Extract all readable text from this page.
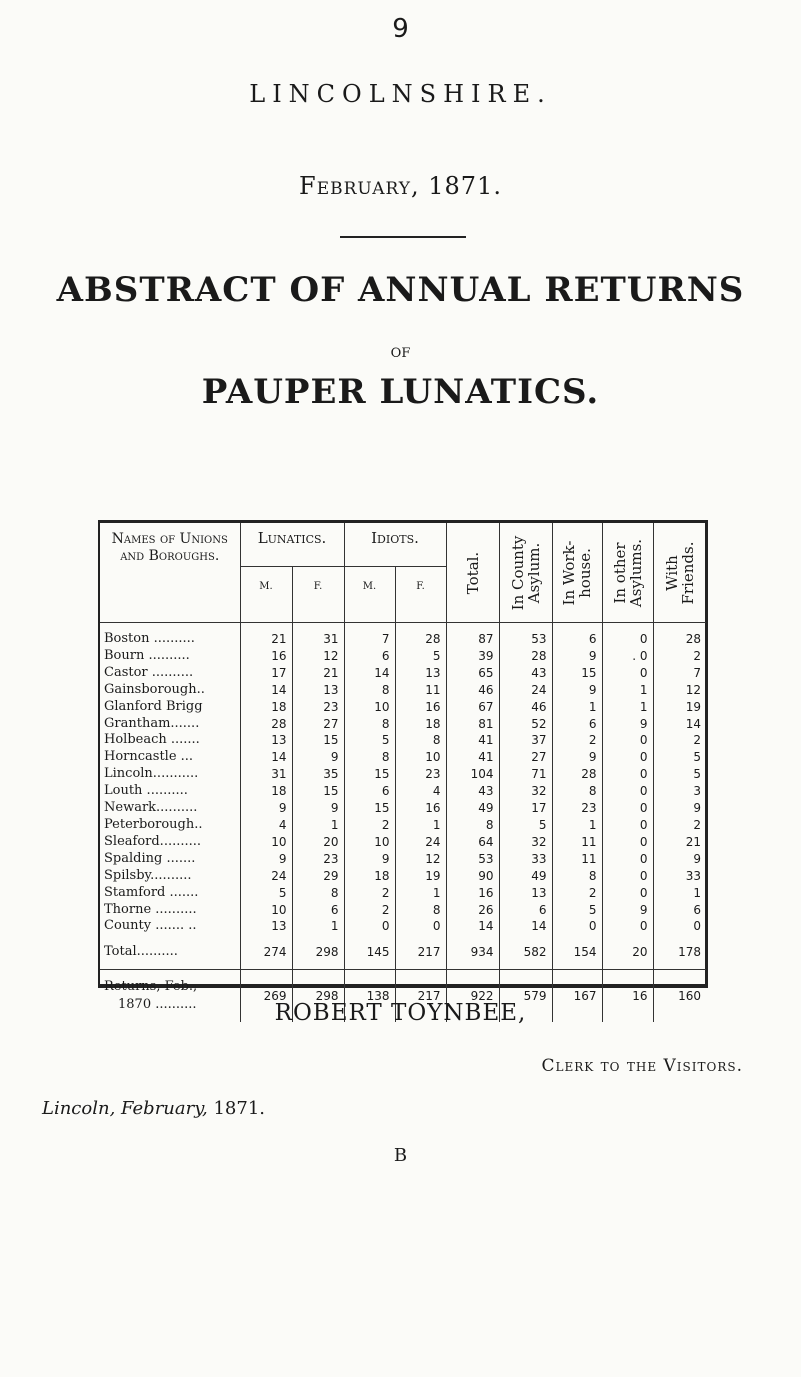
9
LINCOLNSHIRE.
February, 1871.
ABSTRACT OF ANNUAL RETURNS
OF
PAUPER LUNATICS.
Names of Unions and Boroughs.	Lunatics.		Idiots.		Total.	In County Asylum.	In Work-house.	In other Asylums.	With Friends.

	M.	F.	M.	F.					

Boston ..........	21	31	7	28	87	53	6	0	28
Bourn ..........	16	12	6	5	39	28	9	. 0	2
Castor ..........	17	21	14	13	65	43	15	0	7
Gainsborough..	14	13	8	11	46	24	9	1	12
Glanford Brigg	18	23	10	16	67	46	1	1	19
Grantham.......	28	27	8	18	81	52	6	9	14
Holbeach .......	13	15	5	8	41	37	2	0	2
Horncastle ...	14	9	8	10	41	27	9	0	5
Lincoln...........	31	35	15	23	104	71	28	0	5
Louth ..........	18	15	6	4	43	32	8	0	3
Newark..........	9	9	15	16	49	17	23	0	9
Peterborough..	4	1	2	1	8	5	1	0	2
Sleaford..........	10	20	10	24	64	32	11	0	21
Spalding .......	9	23	9	12	53	33	11	0	9
Spilsby..........	24	29	18	19	90	49	8	0	33
Stamford .......	5	8	2	1	16	13	2	0	1
Thorne ..........	10	6	2	8	26	6	5	9	6
County ....... ..	13	1	0	0	14	14	0	0	0
Total..........	274	298	145	217	934	582	154	20	178

Returns, Feb.,
1870 ..........	269	298	138	217	922	579	167	16	160
ROBERT TOYNBEE,
Clerk to the Visitors.
Lincoln, February, 1871.
B
